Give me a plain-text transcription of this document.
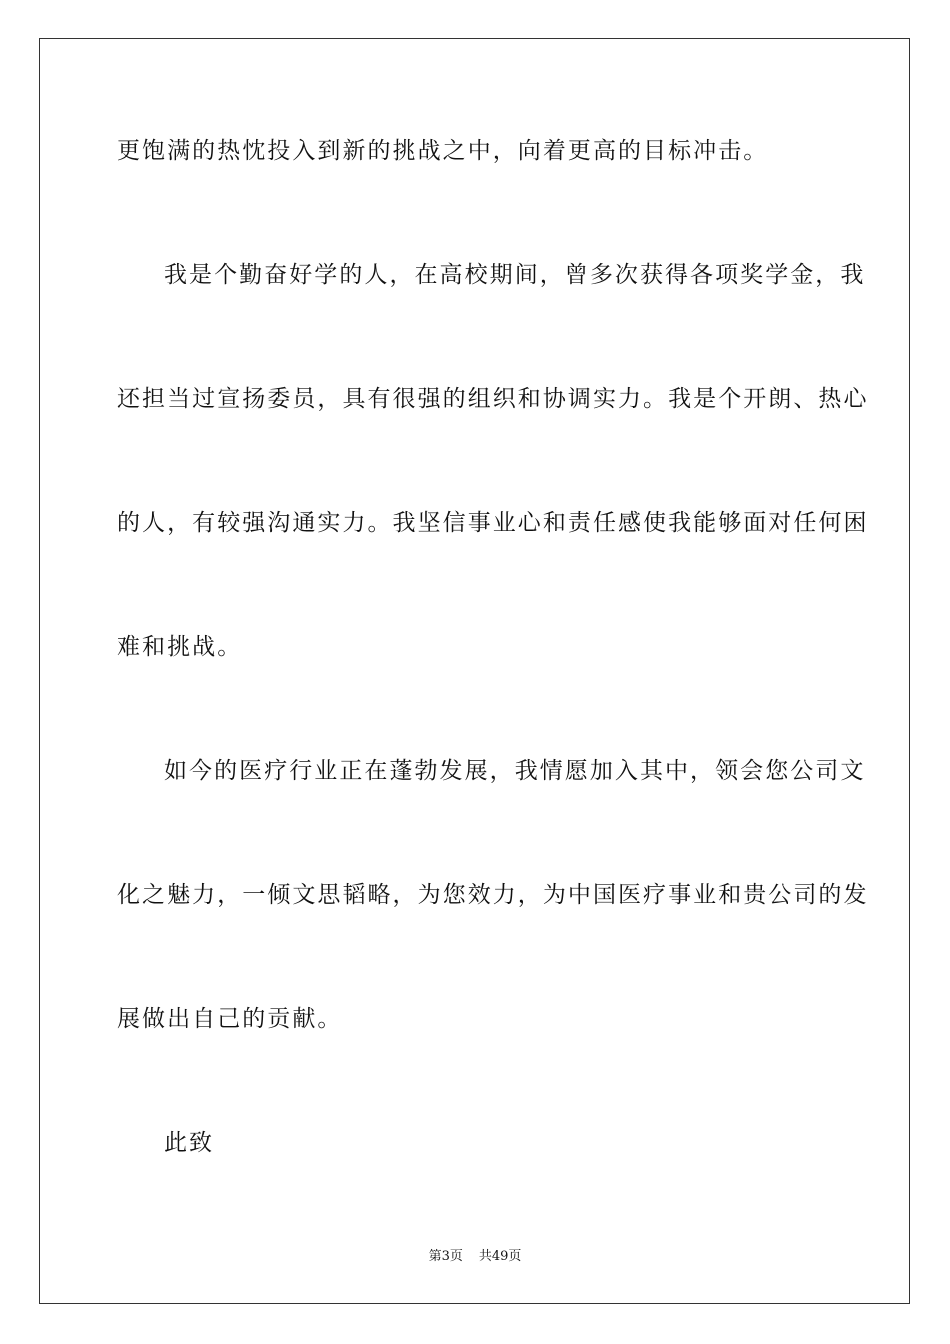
更饱满的热忱投入到新的挑战之中，向着更高的目标冲击。
我是个勤奋好学的人，在高校期间，曾多次获得各项奖学金，我
还担当过宣扬委员，具有很强的组织和协调实力。我是个开朗、热心
的人，有较强沟通实力。我坚信事业心和责任感使我能够面对任何困
难和挑战。
如今的医疗行业正在蓬勃发展，我情愿加入其中，领会您公司文
化之魅力，一倾文思韬略，为您效力，为中国医疗事业和贵公司的发
展做出自己的贡献。
此致
第3页 共49页
